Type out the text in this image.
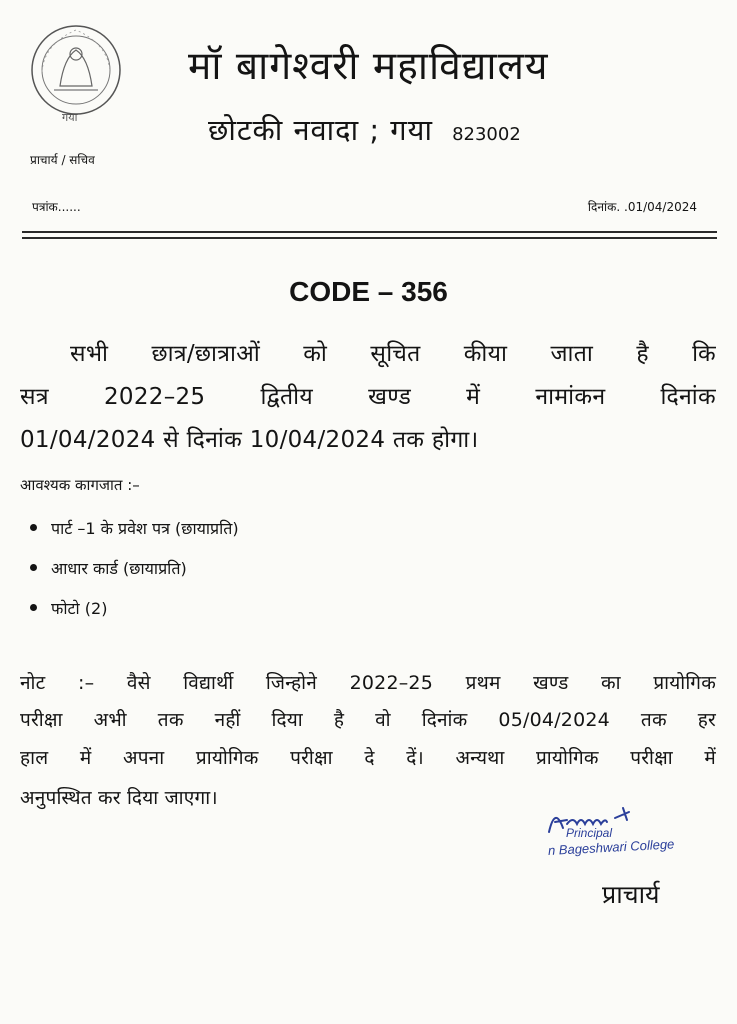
गया
मॉ बागेश्वरी महाविद्यालय
छोटकी नवादा ; गया 823002
प्राचार्य / सचिव
पत्रांक......	दिनांक. .01/04/2024
CODE – 356
सभी छात्र/छात्राओं को सूचित कीया जाता है कि
सत्र 2022–25 द्वितीय खण्ड में नामांकन दिनांक
01/04/2024 से दिनांक 10/04/2024 तक होगा।
आवश्यक कागजात :–
पार्ट –1 के प्रवेश पत्र (छायाप्रति)
आधार कार्ड (छायाप्रति)
फोटो (2)
नोट :– वैसे विद्यार्थी जिन्होने 2022–25 प्रथम खण्ड का प्रायोगिक
परीक्षा अभी तक नहीं दिया है वो दिनांक 05/04/2024 तक हर
हाल में अपना प्रायोगिक परीक्षा दे दें। अन्यथा प्रायोगिक परीक्षा में
अनुपस्थित कर दिया जाएगा।
Principal
n Bageshwari College
प्राचार्य
